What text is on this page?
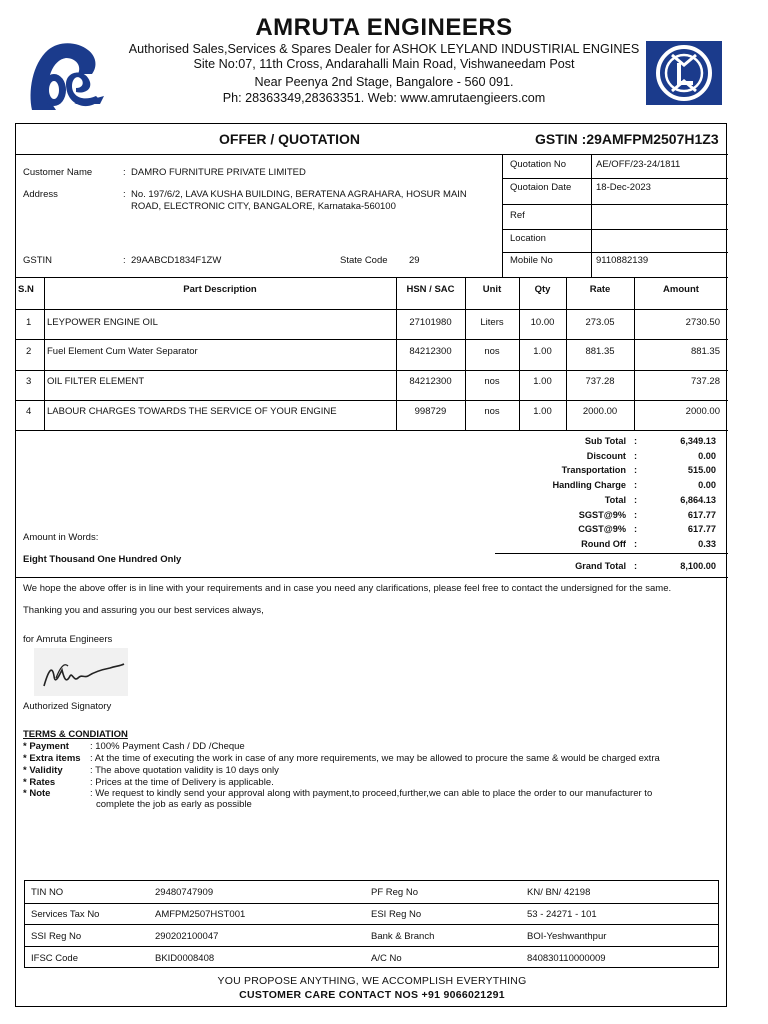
AMRUTA ENGINEERS
Authorised Sales,Services & Spares Dealer for ASHOK LEYLAND INDUSTIRIAL ENGINES
Site No:07, 11th Cross, Andarahalli Main Road, Vishwaneedam Post
Near Peenya 2nd Stage, Bangalore - 560 091.
Ph: 28363349,28363351. Web: www.amrutaengieers.com
OFFER / QUOTATION	GSTIN :29AMFPM2507H1Z3
Customer Name	: DAMRO FURNITURE PRIVATE LIMITED
Address	: No. 197/6/2, LAVA KUSHA BUILDING, BERATENA AGRAHARA, HOSUR MAIN
ROAD, ELECTRONIC CITY, BANGALORE, Karnataka-560100
GSTIN	: 29AABCD1834F1ZW	State Code 29
Quotation No	AE/OFF/23-24/1811
Quotaion Date	18-Dec-2023
Ref
Location
Mobile No	9110882139
S.N	Part Description	HSN / SAC	Unit	Qty	Rate	Amount
1 LEYPOWER ENGINE OIL	27101980	Liters	10.00	273.05	2730.50
2 Fuel Element Cum Water Separator	84212300	nos	1.00	881.35	881.35
3 OIL FILTER ELEMENT	84212300	nos	1.00	737.28	737.28
4 LABOUR CHARGES TOWARDS THE SERVICE OF YOUR ENGINE	998729	nos	1.00	2000.00	2000.00
Sub Total :	6,349.13
Discount :	0.00
Transportation :	515.00
Handling Charge :	0.00
Total :	6,864.13
SGST@9% :	617.77
CGST@9% :	617.77
Round Off :	0.33
Grand Total :	8,100.00
Amount in Words:
Eight Thousand One Hundred Only
We hope the above offer is in line with your requirements and in case you need any clarifications, please feel free to contact the undersigned for the same.
Thanking you and assuring you our best services always,
for Amruta Engineers
Authorized Signatory
TERMS & CONDIATION
* Payment : 100% Payment Cash / DD /Cheque
* Extra items : At the time of executing the work in case of any more requirements, we may be allowed to procure the same & would be charged extra
* Validity	: The above quotation validity is 10 days only
* Rates	: Prices at the time of Delivery is applicable.
* Note	: We request to kindly send your approval along with payment,to proceed,further,we can able to place the order to our manufacturer to
complete the job as early as possible
TIN NO	29480747909	PF Reg No	KN/ BN/ 42198
Services Tax No	AMFPM2507HST001	ESI Reg No	53 - 24271 - 101
SSI Reg No	290202100047	Bank & Branch	BOI-Yeshwanthpur
IFSC Code	BKID0008408	A/C No	840830110000009
YOU PROPOSE ANYTHING, WE ACCOMPLISH EVERYTHING
CUSTOMER CARE CONTACT NOS +91 9066021291
